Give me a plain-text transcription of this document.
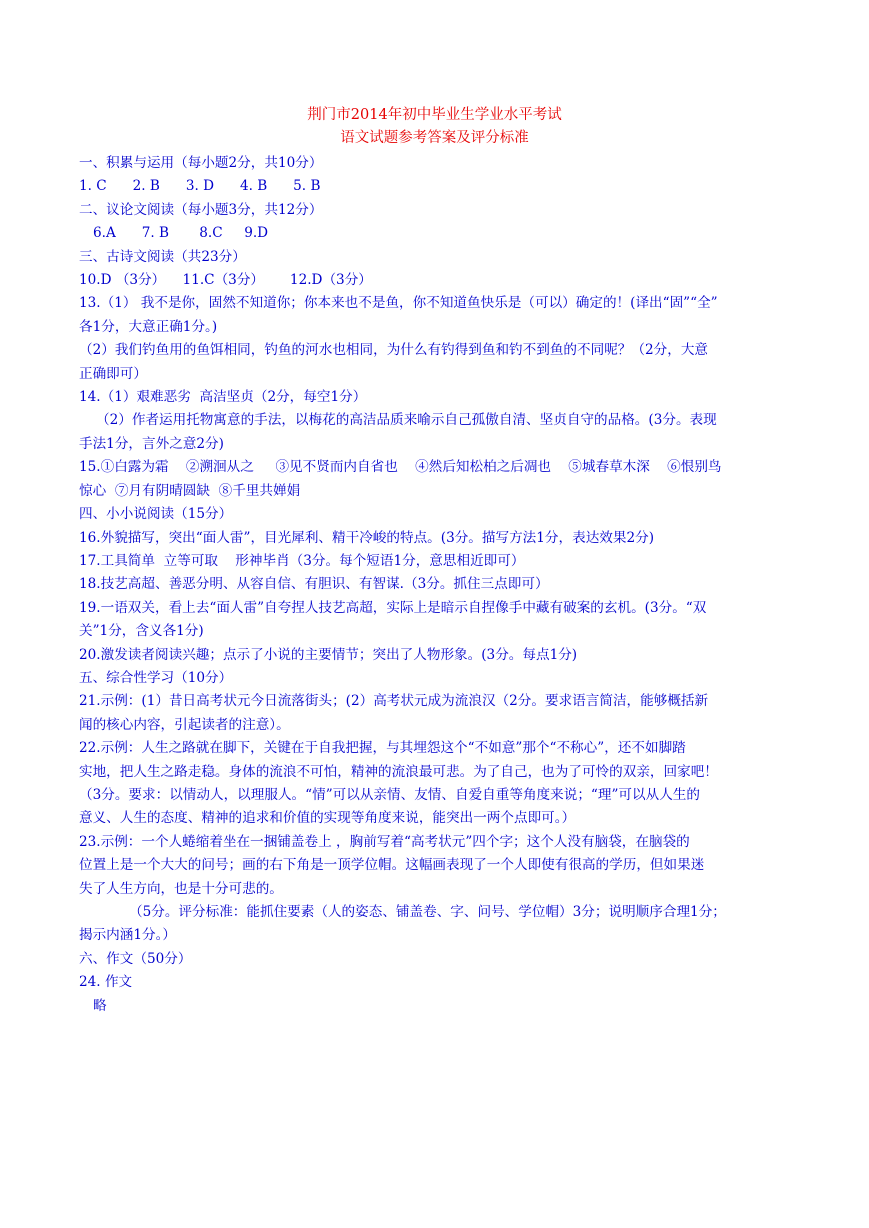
荆门市2014年初中毕业生学业水平考试
语文试题参考答案及评分标准
一、积累与运用（每小题2分，共10分）
1. C      2. B      3. D      4. B      5. B
二、议论文阅读（每小题3分，共12分）
6.A      7. B       8.C     9.D
三、古诗文阅读（共23分）
10.D （3分）    11.C（3分）      12.D（3分）
13.（1） 我不是你，固然不知道你；你本来也不是鱼，你不知道鱼快乐是（可以）确定的！(译出“固”“全”
各1分，大意正确1分。)
（2）我们钓鱼用的鱼饵相同，钓鱼的河水也相同，为什么有钓得到鱼和钓不到鱼的不同呢？（2分，大意
正确即可）
14.（1）艰难恶劣  高洁坚贞（2分，每空1分）
（2）作者运用托物寓意的手法，以梅花的高洁品质来喻示自己孤傲自清、坚贞自守的品格。(3分。表现
手法1分，言外之意2分)
15.①白露为霜    ②溯洄从之     ③见不贤而内自省也    ④然后知松柏之后凋也    ⑤城春草木深    ⑥恨别鸟
惊心  ⑦月有阴晴圆缺  ⑧千里共婵娟
四、小小说阅读（15分）
16.外貌描写，突出“面人雷”，目光犀利、精干冷峻的特点。(3分。描写方法1分，表达效果2分)
17.工具简单  立等可取    形神毕肖（3分。每个短语1分，意思相近即可）
18.技艺高超、善恶分明、从容自信、有胆识、有智谋.（3分。抓住三点即可）
19.一语双关，看上去“面人雷”自夸捏人技艺高超，实际上是暗示自捏像手中藏有破案的玄机。(3分。“双
关”1分，含义各1分)
20.激发读者阅读兴趣；点示了小说的主要情节；突出了人物形象。(3分。每点1分)
五、综合性学习（10分）
21.示例：(1）昔日高考状元今日流落街头；(2）高考状元成为流浪汉（2分。要求语言简洁，能够概括新
闻的核心内容，引起读者的注意）。
22.示例：人生之路就在脚下，关键在于自我把握，与其埋怨这个“不如意”那个“不称心”，还不如脚踏
实地，把人生之路走稳。身体的流浪不可怕，精神的流浪最可悲。为了自己，也为了可怜的双亲，回家吧！
（3分。要求：以情动人，以理服人。“情”可以从亲情、友情、自爱自重等角度来说；“理”可以从人生的
意义、人生的态度、精神的追求和价值的实现等角度来说，能突出一两个点即可。）
23.示例：一个人蜷缩着坐在一捆铺盖卷上 ，胸前写着“高考状元”四个字；这个人没有脑袋，在脑袋的
位置上是一个大大的问号；画的右下角是一顶学位帽。这幅画表现了一个人即使有很高的学历，但如果迷
失了人生方向，也是十分可悲的。
（5分。评分标准：能抓住要素（人的姿态、铺盖卷、字、问号、学位帽）3分；说明顺序合理1分；
揭示内涵1分。）
六、作文（50分）
24. 作文
略
